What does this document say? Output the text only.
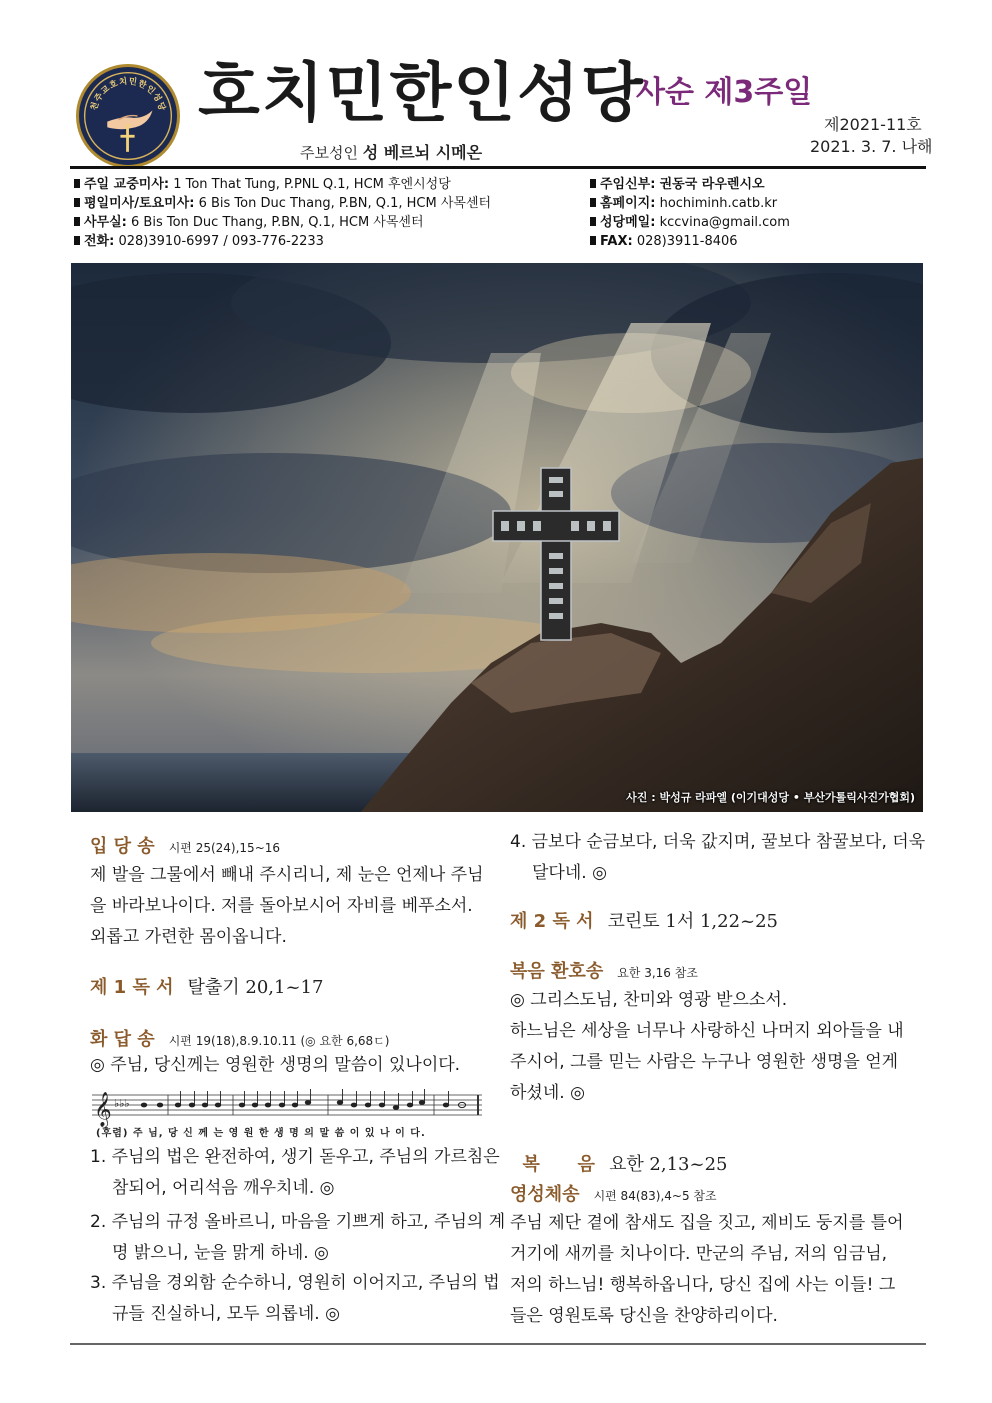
천주교호치민한인성당 호치민한인성당
사순 제3주일
제2021-11호
2021. 3. 7. 나해
주보성인 성 베르뇌 시메온
주일 교중미사: 1 Ton That Tung, P.PNL Q.1, HCM 후엔시성당
평일미사/토요미사: 6 Bis Ton Duc Thang, P.BN, Q.1, HCM 사목센터
사무실: 6 Bis Ton Duc Thang, P.BN, Q.1, HCM 사목센터
전화: 028)3910-6997 / 093-776-2233
주임신부: 권동국 라우렌시오
홈페이지: hochiminh.catb.kr
성당메일: kccvina@gmail.com
FAX: 028)3911-8406
사진 : 박성규 라파엘 (이기대성당 • 부산가톨릭사진가협회)
입 당 송 시편 25(24),15~16
제 발을 그물에서 빼내 주시리니, 제 눈은 언제나 주님을 바라보나이다. 저를 돌아보시어 자비를 베푸소서. 외롭고 가련한 몸이옵니다.
제 1 독 서 탈출기 20,1~17
화 답 송 시편 19(18),8.9.10.11 (◎ 요한 6,68ㄷ)
◎ 주님, 당신께는 영원한 생명의 말씀이 있나이다.
𝄞 ♭♭♭
(후렴) 주 님, 당 신 께 는 영 원 한 생 명 의 말 씀 이 있 나 이 다.
1. 주님의 법은 완전하여, 생기 돋우고, 주님의 가르침은 참되어, 어리석음 깨우치네. ◎
2. 주님의 규정 올바르니, 마음을 기쁘게 하고, 주님의 계명 밝으니, 눈을 맑게 하네. ◎
3. 주님을 경외함 순수하니, 영원히 이어지고, 주님의 법규들 진실하니, 모두 의롭네. ◎
4. 금보다 순금보다, 더욱 값지며, 꿀보다 참꿀보다, 더욱 달다네. ◎
제 2 독 서 코린토 1서 1,22~25
복음 환호송 요한 3,16 참조
◎ 그리스도님, 찬미와 영광 받으소서.
하느님은 세상을 너무나 사랑하신 나머지 외아들을 내주시어, 그를 믿는 사람은 누구나 영원한 생명을 얻게 하셨네. ◎

복      음 요한 2,13~25

영성체송 시편 84(83),4~5 참조
주님 제단 곁에 참새도 집을 짓고, 제비도 둥지를 틀어 거기에 새끼를 치나이다. 만군의 주님, 저의 임금님, 저의 하느님! 행복하옵니다, 당신 집에 사는 이들! 그들은 영원토록 당신을 찬양하리이다.
